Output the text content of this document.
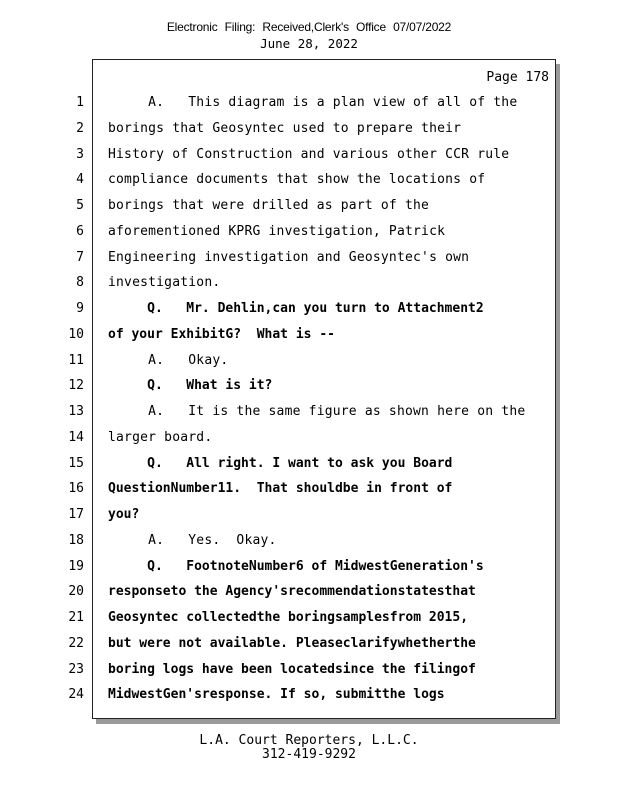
Electronic Filing: Received,Clerk's Office 07/07/2022
June 28, 2022
Page 178
1 A.   This diagram is a plan view of all of the
2 borings that Geosyntec used to prepare their
3 History of Construction and various other CCR rule
4 compliance documents that show the locations of
5 borings that were drilled as part of the
6 aforementioned KPRG investigation, Patrick
7 Engineering investigation and Geosyntec's own
8 investigation.
9 Q.   Mr. Dehlin,can you turn to Attachment2
10 of your ExhibitG?  What is --
11 A.   Okay.
12 Q.   What is it?
13 A.   It is the same figure as shown here on the
14 larger board.
15 Q.   All right. I want to ask you Board
16 QuestionNumber11.  That shouldbe in front of
17 you?
18 A.   Yes.  Okay.
19 Q.   FootnoteNumber6 of MidwestGeneration's
20 responseto the Agency'srecommendationstatesthat
21 Geosyntec collectedthe boringsamplesfrom 2015,
22 but were not available. Pleaseclarifywhetherthe
23 boring logs have been locatedsince the filingof
24 MidwestGen'sresponse. If so, submitthe logs
L.A. Court Reporters, L.L.C.
312-419-9292
